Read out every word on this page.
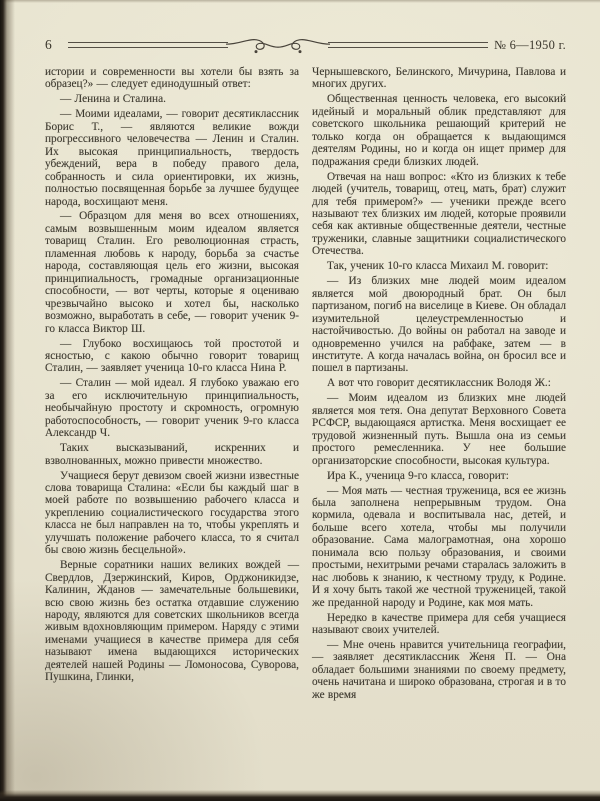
6	№ 6—1950 г.

истории и современности вы хотели бы взять за образец?» — следует единодушный ответ:

— Ленина и Сталина.

— Моими идеалами, — говорит десятиклассник Борис Т., — являются великие вожди прогрессивного человечества — Ленин и Сталин. Их высокая принципиальность, твердость убеждений, вера в победу правого дела, собранность и сила ориентировки, их жизнь, полностью посвященная борьбе за лучшее будущее народа, восхищают меня.

— Образцом для меня во всех отношениях, самым возвышенным моим идеалом является товарищ Сталин. Его революционная страсть, пламенная любовь к народу, борьба за счастье народа, составляющая цель его жизни, высокая принципиальность, громадные организационные способности, — вот черты, которые я оцениваю чрезвычайно высоко и хотел бы, насколько возможно, выработать в себе, — говорит ученик 9-го класса Виктор Ш.

— Глубоко восхищаюсь той простотой и ясностью, с какою обычно говорит товарищ Сталин, — заявляет ученица 10-го класса Нина Р.

— Сталин — мой идеал. Я глубоко уважаю его за его исключительную принципиальность, необычайную простоту и скромность, огромную работоспособность, — говорит ученик 9-го класса Александр Ч.

Таких высказываний, искренних и взволнованных, можно привести множество.

Учащиеся берут девизом своей жизни известные слова товарища Сталина: «Если бы каждый шаг в моей работе по возвышению рабочего класса и укреплению социалистического государства этого класса не был направлен на то, чтобы укреплять и улучшать положение рабочего класса, то я считал бы свою жизнь бесцельной».

Верные соратники наших великих вождей — Свердлов, Дзержинский, Киров, Орджоникидзе, Калинин, Жданов — замечательные большевики, всю свою жизнь без остатка отдавшие служению народу, являются для советских школьников всегда живым вдохновляющим примером. Наряду с этими именами учащиеся в качестве примера для себя называют имена выдающихся исторических деятелей нашей Родины — Ломоносова, Суворова, Пушкина, Глинки,

Чернышевского, Белинского, Мичурина, Павлова и многих других.

Общественная ценность человека, его высокий идейный и моральный облик представляют для советского школьника решающий критерий не только когда он обращается к выдающимся деятелям Родины, но и когда он ищет пример для подражания среди близких людей.

Отвечая на наш вопрос: «Кто из близких к тебе людей (учитель, товарищ, отец, мать, брат) служит для тебя примером?» — ученики прежде всего называют тех близких им людей, которые проявили себя как активные общественные деятели, честные труженики, славные защитники социалистического Отечества.

Так, ученик 10-го класса Михаил М. говорит:

— Из близких мне людей моим идеалом является мой двоюродный брат. Он был партизаном, погиб на виселице в Киеве. Он обладал изумительной целеустремленностью и настойчивостью. До войны он работал на заводе и одновременно учился на рабфаке, затем — в институте. А когда началась война, он бросил все и пошел в партизаны.

А вот что говорит десятиклассник Володя Ж.:

— Моим идеалом из близких мне людей является моя тетя. Она депутат Верховного Совета РСФСР, выдающаяся артистка. Меня восхищает ее трудовой жизненный путь. Вышла она из семьи простого ремесленника. У нее большие организаторские способности, высокая культура.

Ира К., ученица 9-го класса, говорит:

— Моя мать — честная труженица, вся ее жизнь была заполнена непрерывным трудом. Она кормила, одевала и воспитывала нас, детей, и больше всего хотела, чтобы мы получили образование. Сама малограмотная, она хорошо понимала всю пользу образования, и своими простыми, нехитрыми речами старалась заложить в нас любовь к знанию, к честному труду, к Родине. И я хочу быть такой же честной труженицей, такой же преданной народу и Родине, как моя мать.

Нередко в качестве примера для себя учащиеся называют своих учителей.

— Мне очень нравится учительница географии, — заявляет десятиклассник Женя П. — Она обладает большими знаниями по своему предмету, очень начитана и широко образована, строгая и в то же время
